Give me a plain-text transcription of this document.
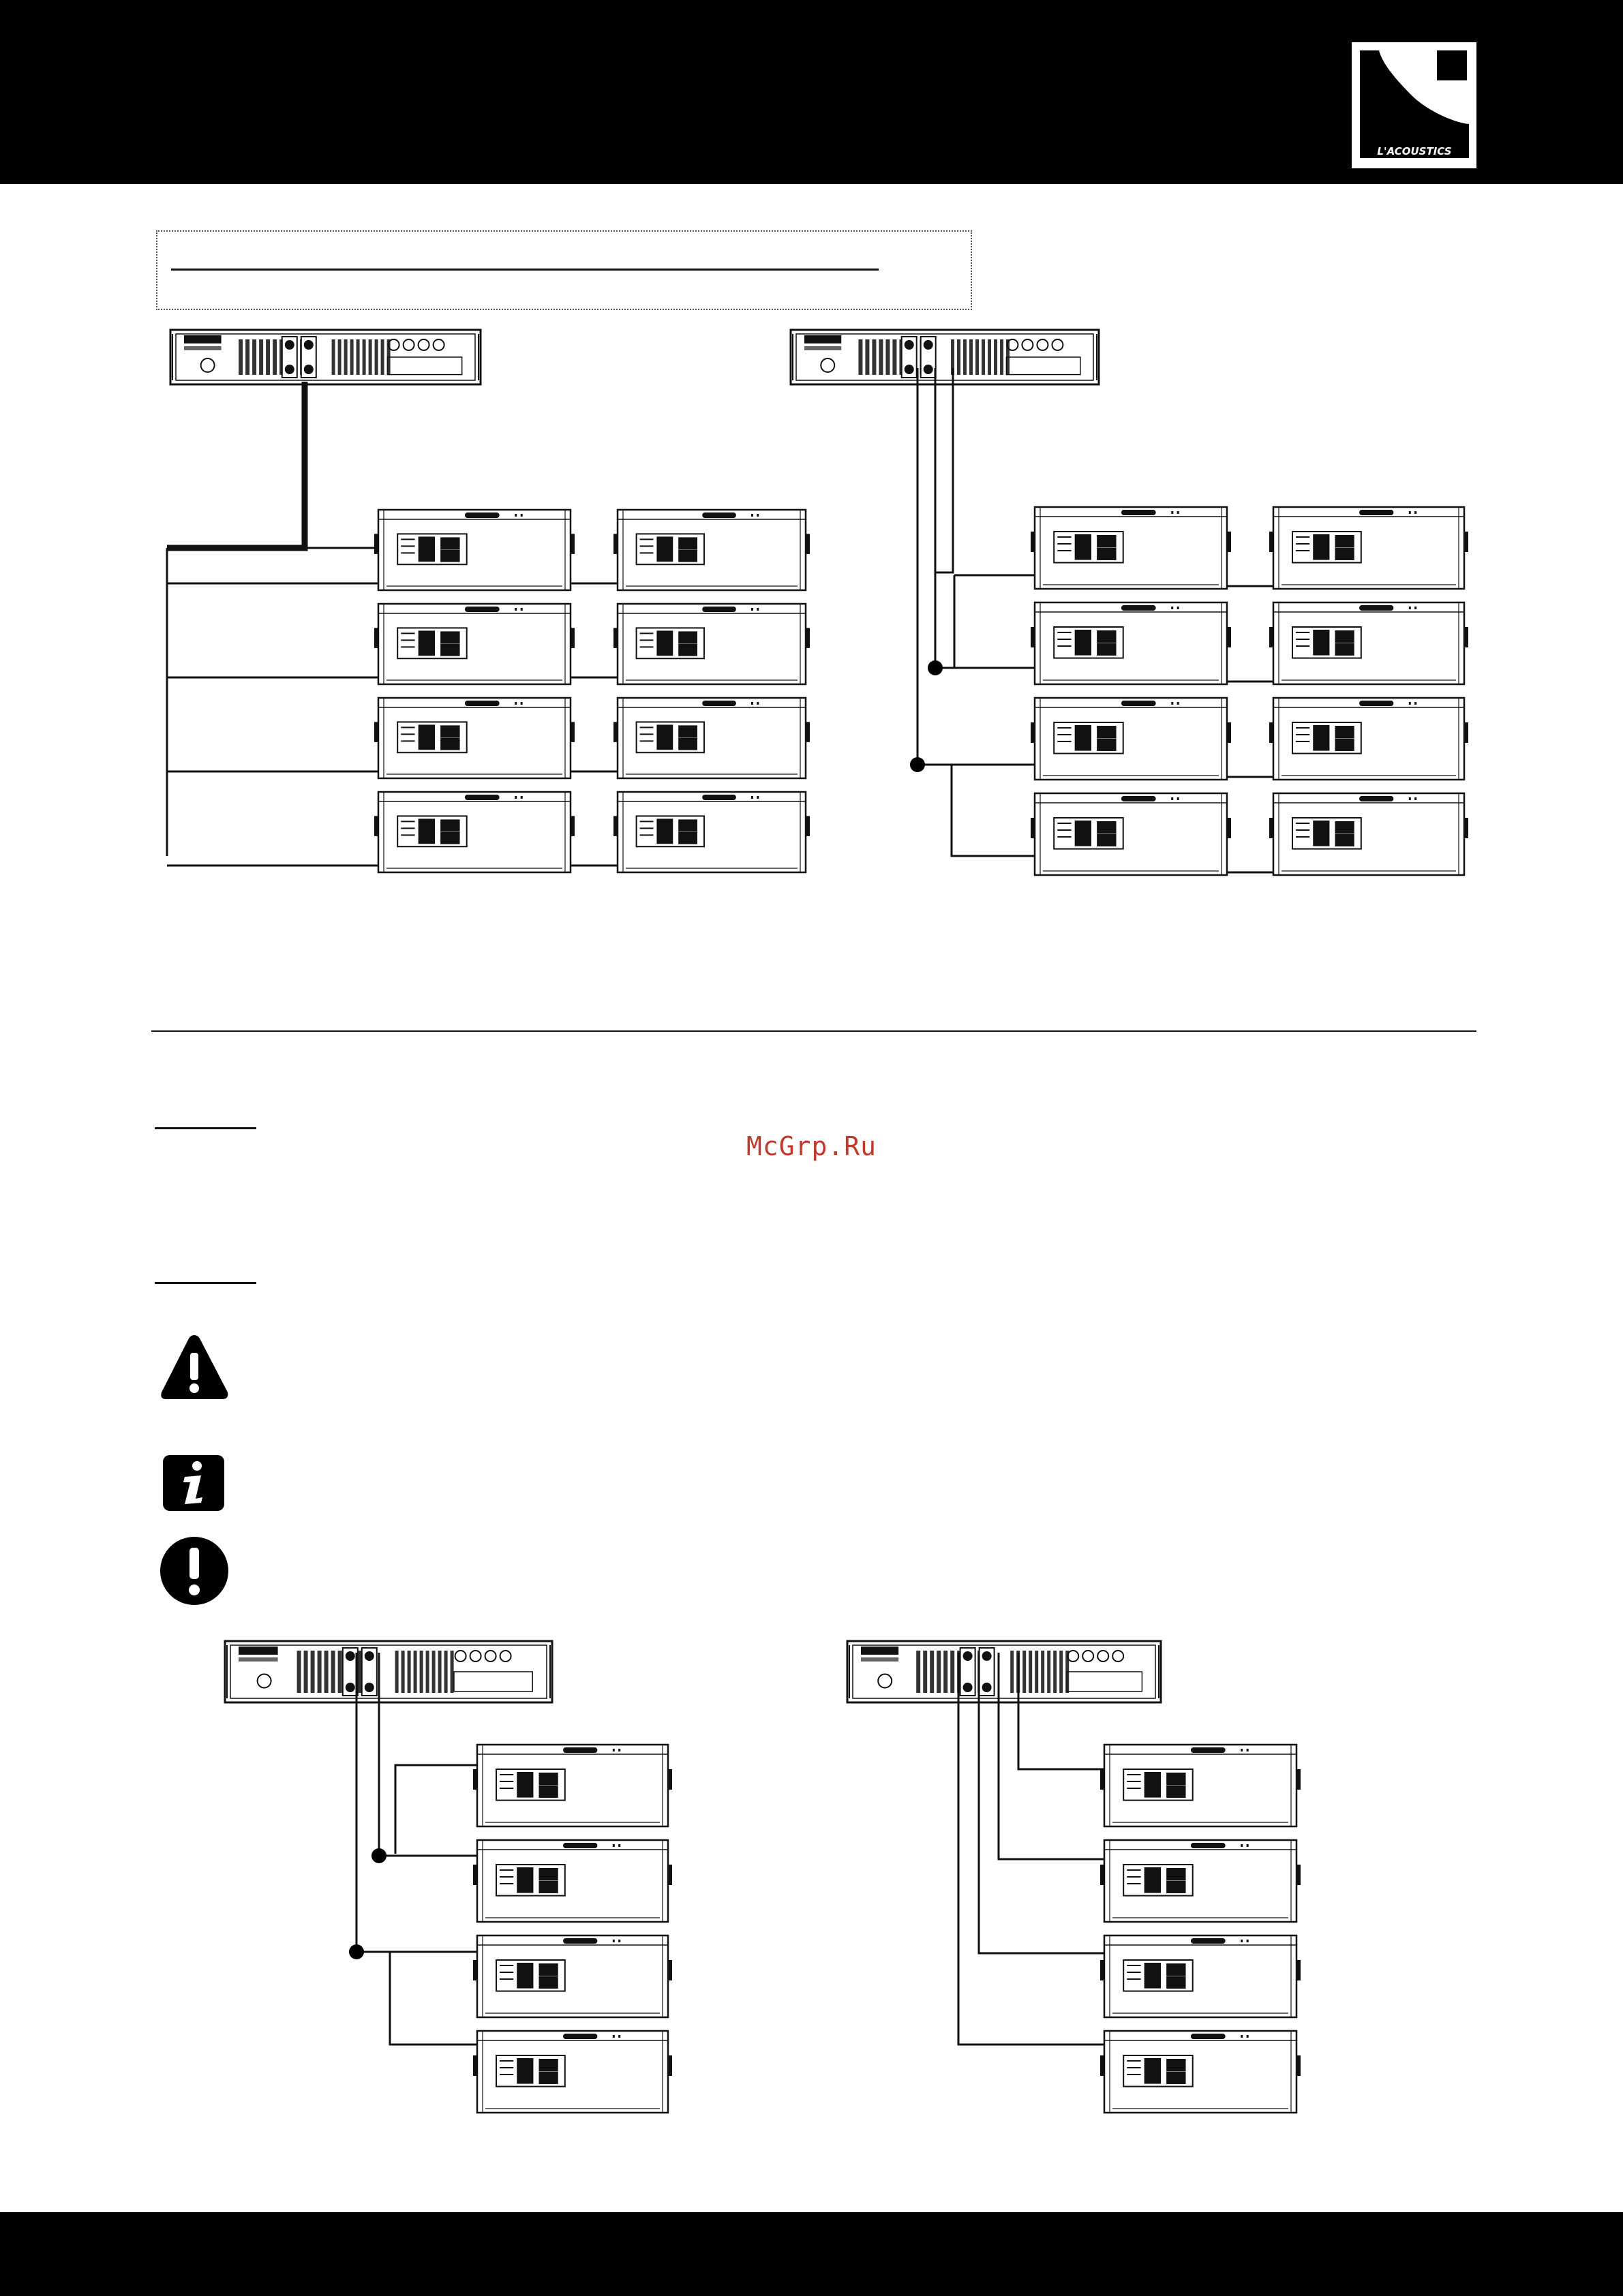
L'ACOUSTICS
McGrp.Ru
